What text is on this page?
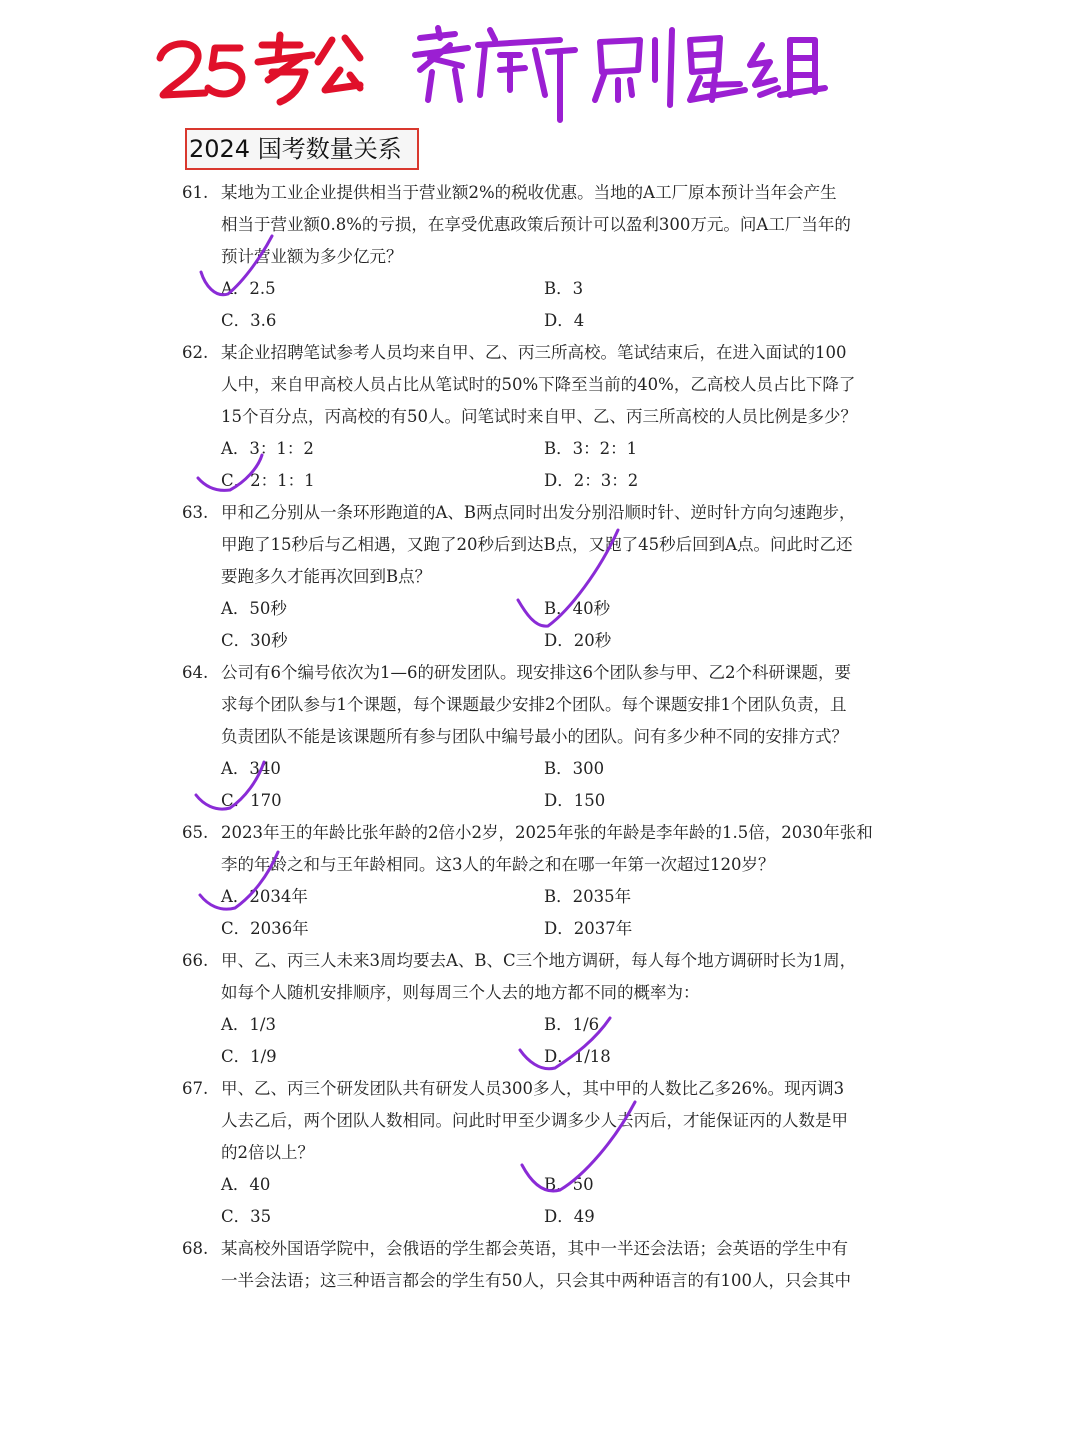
2024 国考数量关系
61. 某地为工业企业提供相当于营业额2%的税收优惠。当地的A工厂原本预计当年会产生
相当于营业额0.8%的亏损，在享受优惠政策后预计可以盈利300万元。问A工厂当年的
预计营业额为多少亿元？
A．2.5	B．3
C．3.6	D．4
62. 某企业招聘笔试参考人员均来自甲、乙、丙三所高校。笔试结束后，在进入面试的100
人中，来自甲高校人员占比从笔试时的50%下降至当前的40%，乙高校人员占比下降了
15个百分点，丙高校的有50人。问笔试时来自甲、乙、丙三所高校的人员比例是多少？
A．3：1：2	B．3：2：1
C．2：1：1	D．2：3：2
63. 甲和乙分别从一条环形跑道的A、B两点同时出发分别沿顺时针、逆时针方向匀速跑步，
甲跑了15秒后与乙相遇，又跑了20秒后到达B点，又跑了45秒后回到A点。问此时乙还
要跑多久才能再次回到B点？
A．50秒	B．40秒
C．30秒	D．20秒
64. 公司有6个编号依次为1—6的研发团队。现安排这6个团队参与甲、乙2个科研课题，要
求每个团队参与1个课题，每个课题最少安排2个团队。每个课题安排1个团队负责，且
负责团队不能是该课题所有参与团队中编号最小的团队。问有多少种不同的安排方式？
A．340	B．300
C．170	D．150
65. 2023年王的年龄比张年龄的2倍小2岁，2025年张的年龄是李年龄的1.5倍，2030年张和
李的年龄之和与王年龄相同。这3人的年龄之和在哪一年第一次超过120岁？
A．2034年	B．2035年
C．2036年	D．2037年
66. 甲、乙、丙三人未来3周均要去A、B、C三个地方调研，每人每个地方调研时长为1周，
如每个人随机安排顺序，则每周三个人去的地方都不同的概率为：
A．1/3	B．1/6
C．1/9	D．1/18
67. 甲、乙、丙三个研发团队共有研发人员300多人，其中甲的人数比乙多26%。现丙调3
人去乙后，两个团队人数相同。问此时甲至少调多少人去丙后，才能保证丙的人数是甲
的2倍以上？
A．40	B．50
C．35	D．49
68. 某高校外国语学院中，会俄语的学生都会英语，其中一半还会法语；会英语的学生中有
一半会法语；这三种语言都会的学生有50人，只会其中两种语言的有100人，只会其中
